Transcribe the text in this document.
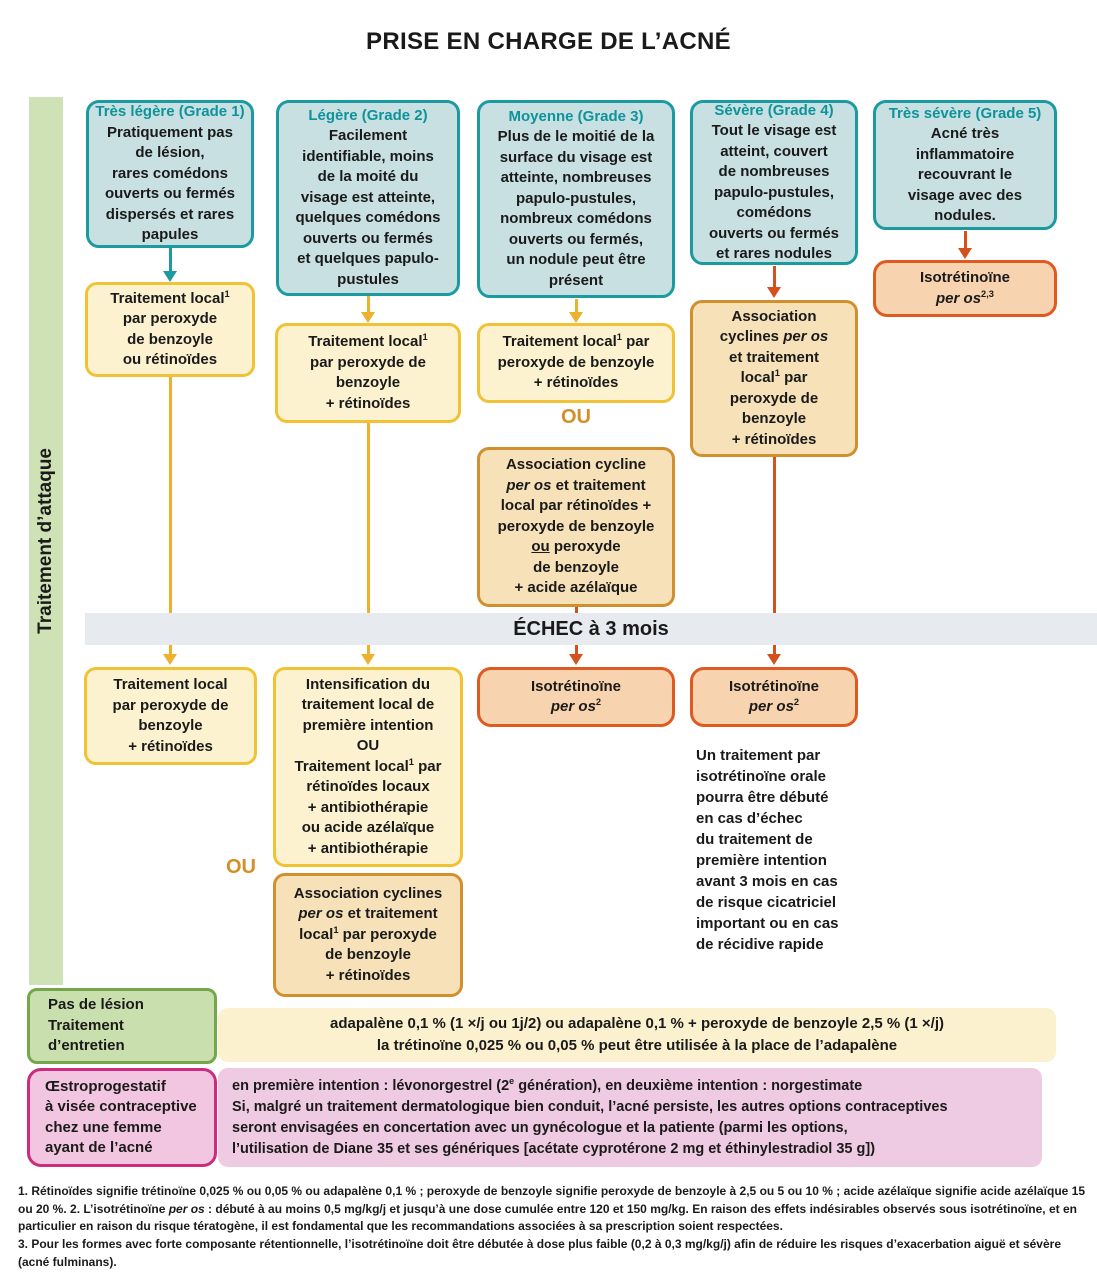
PRISE EN CHARGE DE L’ACNÉ
Traitement d’attaque
Très légère (Grade 1)
Pratiquement pas
de lésion,
rares comédons
ouverts ou fermés
dispersés et rares
papules
Légère (Grade 2)
Facilement
identifiable, moins
de la moité du
visage est atteinte,
quelques comédons
ouverts ou fermés
et quelques papulo-
pustules
Moyenne (Grade 3)
Plus de le moitié de la
surface du visage est
atteinte, nombreuses
papulo-pustules,
nombreux comédons
ouverts ou fermés,
un nodule peut être
présent
Sévère (Grade 4)
Tout le visage est
atteint, couvert
de nombreuses
papulo-pustules,
comédons
ouverts ou fermés
et rares nodules
Très sévère (Grade 5)
Acné très
inflammatoire
recouvrant le
visage avec des
nodules.
Traitement local$^1$
par peroxyde
de benzoyle
ou rétinoïdes
Traitement local$^1$
par peroxyde de
benzoyle
+ rétinoïdes
Traitement local$^1$ par
peroxyde de benzoyle
+ rétinoïdes
OU
Association cycline
per os et traitement
local par rétinoïdes +
peroxyde de benzoyle
ou peroxyde
de benzoyle
+ acide azélaïque
Association
cyclines per os
et traitement
local$^1$ par
peroxyde de
benzoyle
+ rétinoïdes
Isotrétinoïne
per os$^{2,3}$
ÉCHEC à 3 mois
Traitement local
par peroxyde de
benzoyle
+ rétinoïdes
Intensification du
traitement local de
première intention
OU
Traitement local$^1$ par
rétinoïdes locaux
+ antibiothérapie
ou acide azélaïque
+ antibiothérapie
OU
Association cyclines
per os et traitement
local$^1$ par peroxyde
de benzoyle
+ rétinoïdes
Isotrétinoïne
per $os^2$
Isotrétinoïne
per $os^2$
Un traitement par
isotrétinoïne orale
pourra être débuté
en cas d’échec
du traitement de
première intention
avant 3 mois en cas
de risque cicatriciel
important ou en cas
de récidive rapide
Pas de lésion
Traitement
d’entretien
adapalène 0,1 % (1 ×/j ou 1j/2) ou adapalène 0,1 % + peroxyde de benzoyle 2,5 % (1 ×/j)
la trétinoïne 0,025 % ou 0,05 % peut être utilisée à la place de l’adapalène
Œstroprogestatif
à visée contraceptive
chez une femme
ayant de l’acné
en première intention : lévonorgestrel (2e génération), en deuxième intention : norgestimate
Si, malgré un traitement dermatologique bien conduit, l’acné persiste, les autres options contraceptives
seront envisagées en concertation avec un gynécologue et la patiente (parmi les options,
l’utilisation de Diane 35 et ses génériques [acétate cyprotérone 2 mg et éthinylestradiol 35 g])
1. Rétinoïdes signifie trétinoïne 0,025 % ou 0,05 % ou adapalène 0,1 % ; peroxyde de benzoyle signifie peroxyde de benzoyle à 2,5 ou 5 ou 10 % ; acide azélaïque signifie acide azélaïque 15 ou 20 %. 2. L’isotrétinoïne per os : débuté à au moins 0,5 mg/kg/j et jusqu’à une dose cumulée entre 120 et 150 mg/kg. En raison des effets indésirables observés sous isotrétinoïne, et en particulier en raison du risque tératogène, il est fondamental que les recommandations associées à sa prescription soient respectées.
3. Pour les formes avec forte composante rétentionnelle, l’isotrétinoïne doit être débutée à dose plus faible (0,2 à 0,3 mg/kg/j) afin de réduire les risques d’exacerbation aiguë et sévère (acné fulminans).
